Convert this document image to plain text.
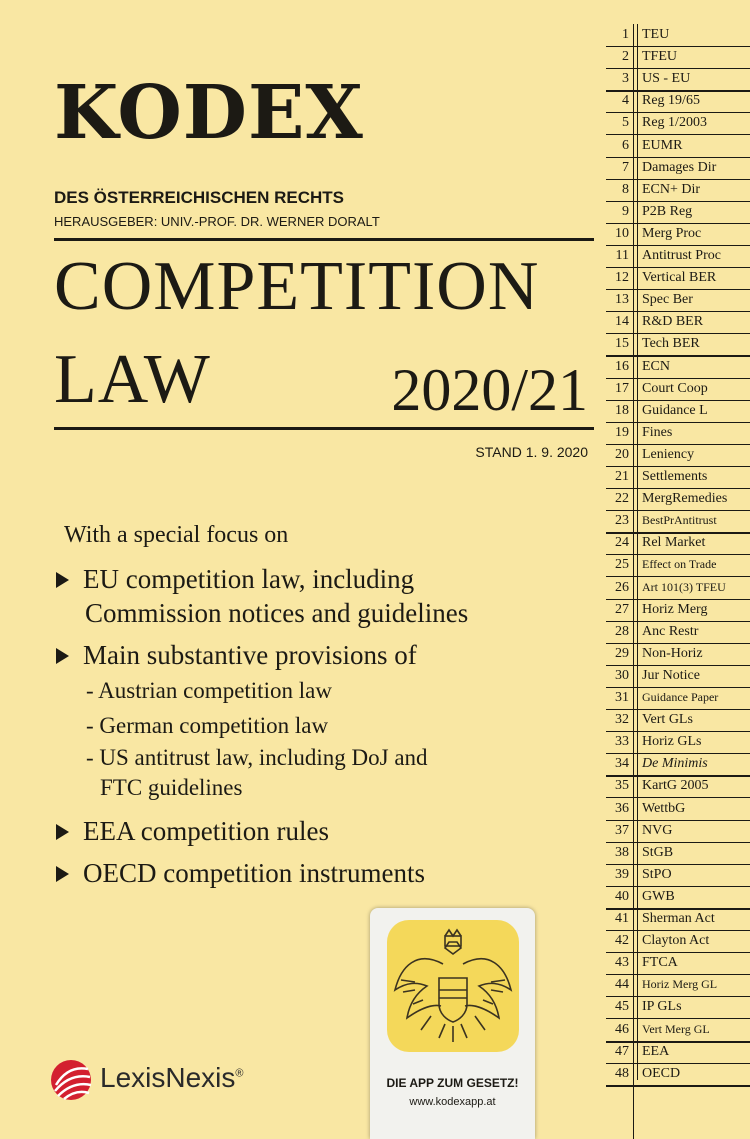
KODEX
DES ÖSTERREICHISCHEN RECHTS
HERAUSGEBER: UNIV.-PROF. DR. WERNER DORALT
COMPETITION
LAW	2020/21
STAND 1. 9. 2020
With a special focus on
EU competition law, including
Commission notices and guidelines
Main substantive provisions of
- Austrian competition law
- German competition law
- US antitrust law, including DoJ and
FTC guidelines
EEA competition rules
OECD competition instruments
LexisNexis®
DIE APP ZUM GESETZ!
www.kodexapp.at
1 TEU
2 TFEU
3 US - EU
4 Reg 19/65
5 Reg 1/2003
6 EUMR
7 Damages Dir
8 ECN+ Dir
9 P2B Reg
10 Merg Proc
11 Antitrust Proc
12 Vertical BER
13 Spec Ber
14 R&D BER
15 Tech BER
16 ECN
17 Court Coop
18 Guidance L
19 Fines
20 Leniency
21 Settlements
22 MergRemedies
23 BestPrAntitrust
24 Rel Market
25 Effect on Trade
26 Art 101(3) TFEU
27 Horiz Merg
28 Anc Restr
29 Non-Horiz
30 Jur Notice
31 Guidance Paper
32 Vert GLs
33 Horiz GLs
34 De Minimis
35 KartG 2005
36 WettbG
37 NVG
38 StGB
39 StPO
40 GWB
41 Sherman Act
42 Clayton Act
43 FTCA
44 Horiz Merg GL
45 IP GLs
46 Vert Merg GL
47 EEA
48 OECD
